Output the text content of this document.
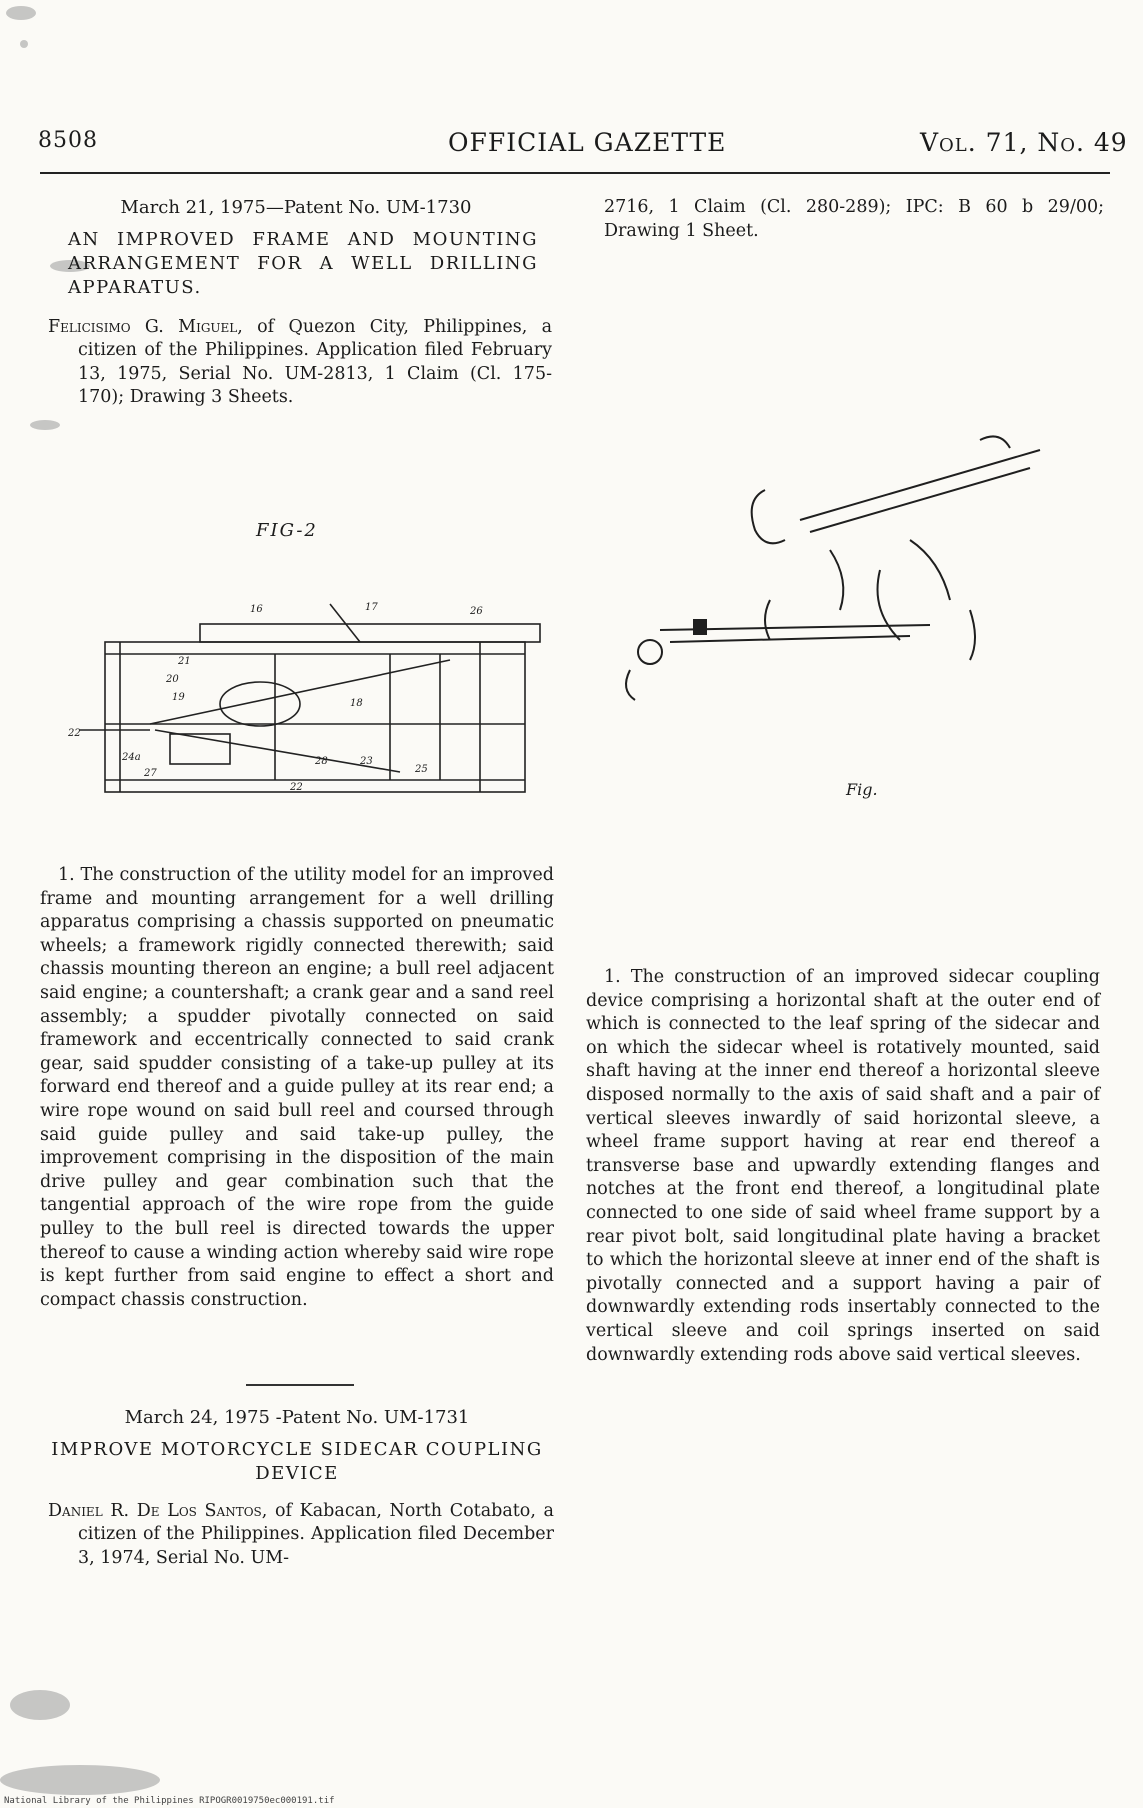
8508	OFFICIAL GAZETTE	Vol. 71, No. 49
March 21, 1975—Patent No. UM-1730
AN IMPROVED FRAME AND MOUNTING ARRANGEMENT FOR A WELL DRILLING APPARATUS.
Felicisimo G. Miguel, of Quezon City, Philippines, a citizen of the Philippines. Application filed February 13, 1975, Serial No. UM-2813, 1 Claim (Cl. 175-170); Drawing 3 Sheets.
FIG-2
16	17	26
21
20
19
18
22
24a	28
27	25
23
22
1. The construction of the utility model for an improved frame and mounting arrangement for a well drilling apparatus comprising a chassis supported on pneumatic wheels; a framework rigidly connected therewith; said chassis mounting thereon an engine; a bull reel adjacent said engine; a countershaft; a crank gear and a sand reel assembly; a spudder pivotally connected on said framework and eccentrically connected to said crank gear, said spudder consisting of a take-up pulley at its forward end thereof and a guide pulley at its rear end; a wire rope wound on said bull reel and coursed through said guide pulley and said take-up pulley, the improvement comprising in the disposition of the main drive pulley and gear combination such that the tangential approach of the wire rope from the guide pulley to the bull reel is directed towards the upper thereof to cause a winding action whereby said wire rope is kept further from said engine to effect a short and compact chassis construction.
March 24, 1975 -Patent No. UM-1731
IMPROVE MOTORCYCLE SIDECAR COUPLING DEVICE
Daniel R. De Los Santos, of Kabacan, North Cotabato, a citizen of the Philippines. Application filed December 3, 1974, Serial No. UM-
2716, 1 Claim (Cl. 280-289); IPC: B 60 b 29/00; Drawing 1 Sheet.
Fig.
1. The construction of an improved sidecar coupling device comprising a horizontal shaft at the outer end of which is connected to the leaf spring of the sidecar and on which the sidecar wheel is rotatively mounted, said shaft having at the inner end thereof a horizontal sleeve disposed normally to the axis of said shaft and a pair of vertical sleeves inwardly of said horizontal sleeve, a wheel frame support having at rear end thereof a transverse base and upwardly extending flanges and notches at the front end thereof, a longitudinal plate connected to one side of said wheel frame support by a rear pivot bolt, said longitudinal plate having a bracket to which the horizontal sleeve at inner end of the shaft is pivotally connected and a support having a pair of downwardly extending rods insertably connected to the vertical sleeve and coil springs inserted on said downwardly extending rods above said vertical sleeves.
National Library of the Philippines RIPOGR0019750ec000191.tif
